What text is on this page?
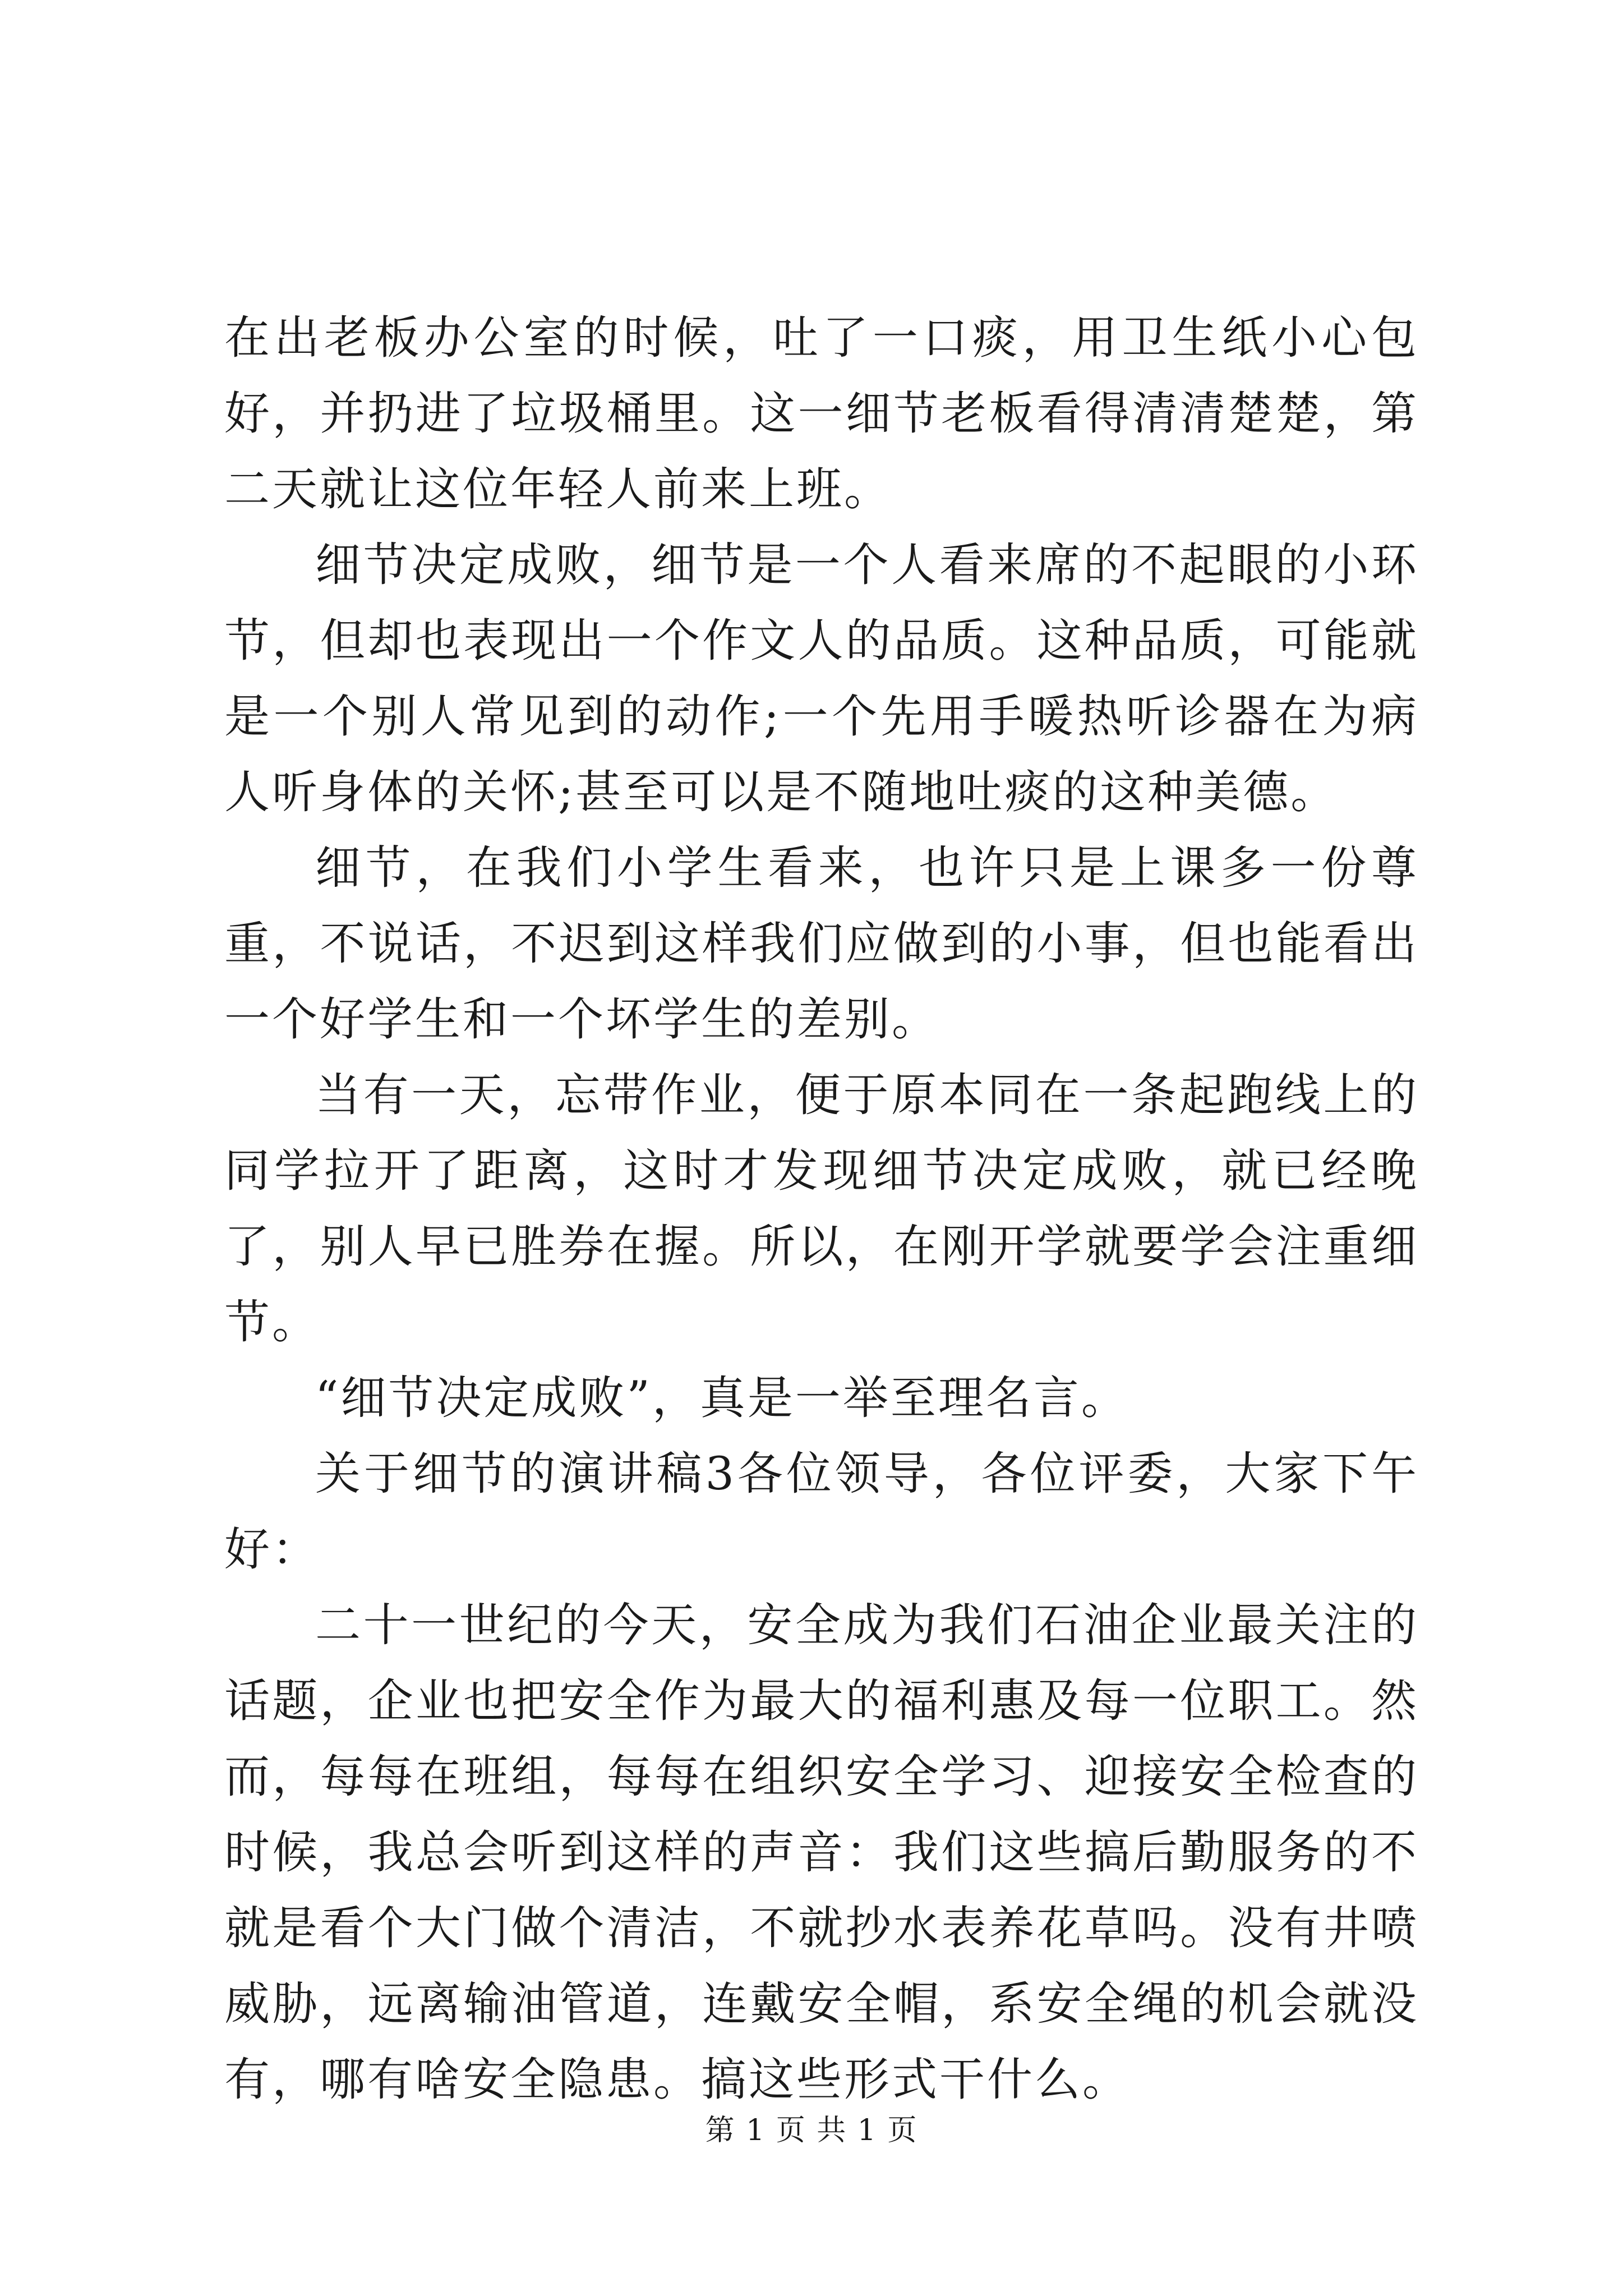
在出老板办公室的时候，吐了一口痰，用卫生纸小心包好，并扔进了垃圾桶里。这一细节老板看得清清楚楚，第二天就让这位年轻人前来上班。

细节决定成败，细节是一个人看来席的不起眼的小环节，但却也表现出一个作文人的品质。这种品质，可能就是一个别人常见到的动作;一个先用手暖热听诊器在为病人听身体的关怀;甚至可以是不随地吐痰的这种美德。

细节，在我们小学生看来，也许只是上课多一份尊重，不说话，不迟到这样我们应做到的小事，但也能看出一个好学生和一个坏学生的差别。

当有一天，忘带作业，便于原本同在一条起跑线上的同学拉开了距离，这时才发现细节决定成败，就已经晚了，别人早已胜券在握。所以，在刚开学就要学会注重细节。

“细节决定成败”，真是一举至理名言。

关于细节的演讲稿3各位领导，各位评委，大家下午好：

二十一世纪的今天，安全成为我们石油企业最关注的话题，企业也把安全作为最大的福利惠及每一位职工。然而，每每在班组，每每在组织安全学习、迎接安全检查的时候，我总会听到这样的声音：我们这些搞后勤服务的不就是看个大门做个清洁，不就抄水表养花草吗。没有井喷威胁，远离输油管道，连戴安全帽，系安全绳的机会就没有，哪有啥安全隐患。搞这些形式干什么。

第 1 页 共 1 页
